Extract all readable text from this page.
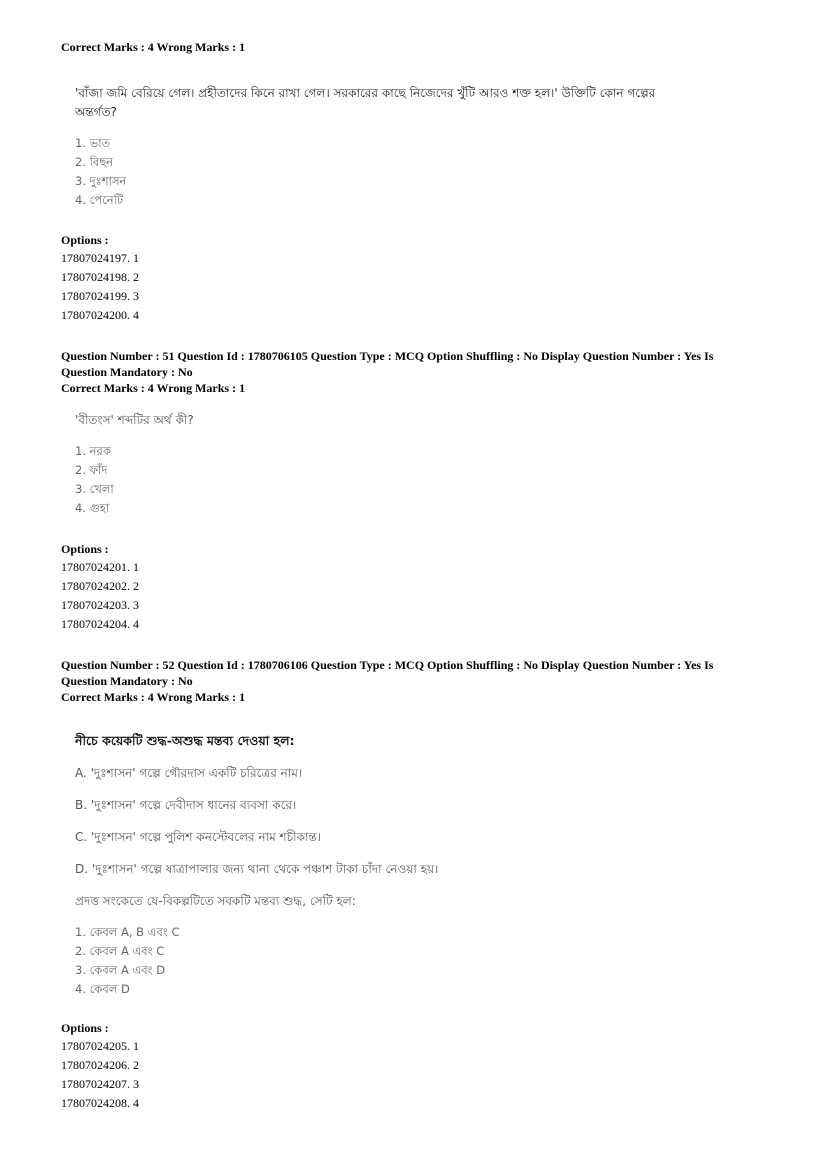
Correct Marks : 4 Wrong Marks : 1
'বাঁজা জমি বেরিয়ে গেল। প্রহীতাদের কিনে রাখা গেল। সরকারের কাছে নিজেদের খুঁটি আরও শক্ত হল।' উক্তিটি কোন গল্পের
অন্তর্গত?
1. ভাত
2. বিছন
3. দুঃশাসন
4. পেনেটি
Options :
17807024197. 1
17807024198. 2
17807024199. 3
17807024200. 4
Question Number : 51 Question Id : 1780706105 Question Type : MCQ Option Shuffling : No Display Question Number : Yes Is
Question Mandatory : No
Correct Marks : 4 Wrong Marks : 1
'বীতংস' শব্দটির অর্থ কী?
1. নরক
2. ফাঁদ
3. খেলা
4. গুহা
Options :
17807024201. 1
17807024202. 2
17807024203. 3
17807024204. 4
Question Number : 52 Question Id : 1780706106 Question Type : MCQ Option Shuffling : No Display Question Number : Yes Is
Question Mandatory : No
Correct Marks : 4 Wrong Marks : 1
নীচে কয়েকটি শুদ্ধ-অশুদ্ধ মন্তব্য দেওয়া হল:
A. 'দুঃশাসন' গল্পে গৌরদাস একটি চরিত্রের নাম।
B. 'দুঃশাসন' গল্পে দেবীদাস ধানের ব্যবসা করে।
C. 'দুঃশাসন' গল্পে পুলিশ কনস্টেবলের নাম শচীকান্ত।
D. 'দুঃশাসন' গল্পে ষাত্রাপালার জন্য থানা থেকে পঞ্চাশ টাকা চাঁদা নেওয়া হয়।
প্রদত্ত সংকেতে যে-বিকল্পটিতে সবকটি মন্তব্য শুদ্ধ, সেটি হল:
1. কেবল A, B এবং C
2. কেবল A এবং C
3. কেবল A এবং D
4. কেবল D
Options :
17807024205. 1
17807024206. 2
17807024207. 3
17807024208. 4
